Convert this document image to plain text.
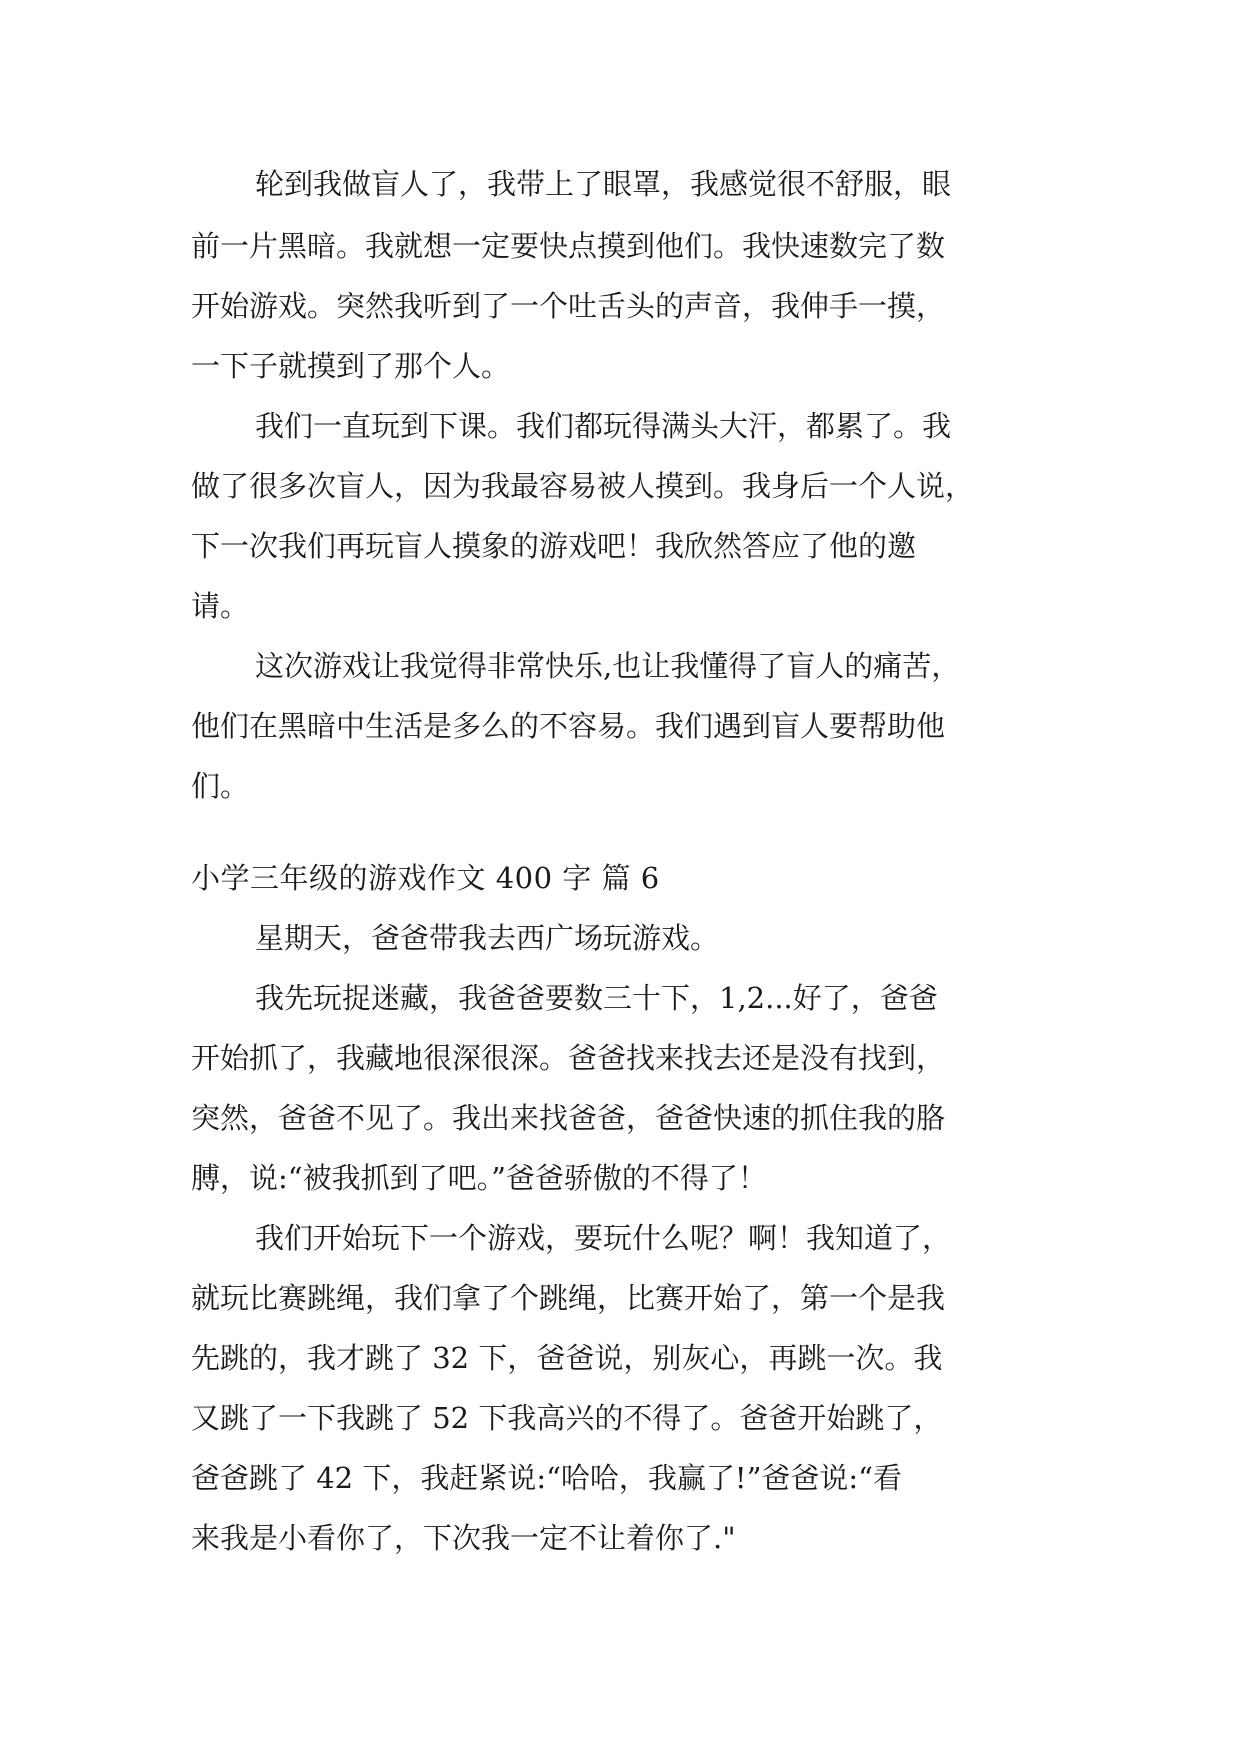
轮到我做盲人了，我带上了眼罩，我感觉很不舒服，眼
前一片黑暗。我就想一定要快点摸到他们。我快速数完了数
开始游戏。突然我听到了一个吐舌头的声音，我伸手一摸，
一下子就摸到了那个人。
我们一直玩到下课。我们都玩得满头大汗，都累了。我
做了很多次盲人，因为我最容易被人摸到。我身后一个人说，
下一次我们再玩盲人摸象的游戏吧！我欣然答应了他的邀
请。
这次游戏让我觉得非常快乐,也让我懂得了盲人的痛苦，
他们在黑暗中生活是多么的不容易。我们遇到盲人要帮助他
们。
小学三年级的游戏作文 400 字 篇 6
星期天，爸爸带我去西广场玩游戏。
我先玩捉迷藏，我爸爸要数三十下，1,2...好了，爸爸
开始抓了，我藏地很深很深。爸爸找来找去还是没有找到，
突然，爸爸不见了。我出来找爸爸，爸爸快速的抓住我的胳
膊，说:“被我抓到了吧。”爸爸骄傲的不得了！
我们开始玩下一个游戏，要玩什么呢？啊！我知道了，
就玩比赛跳绳，我们拿了个跳绳，比赛开始了，第一个是我
先跳的，我才跳了 32 下，爸爸说，别灰心，再跳一次。我
又跳了一下我跳了 52 下我高兴的不得了。爸爸开始跳了，
爸爸跳了 42 下，我赶紧说:“哈哈，我赢了!”爸爸说:“看
来我是小看你了，下次我一定不让着你了."
